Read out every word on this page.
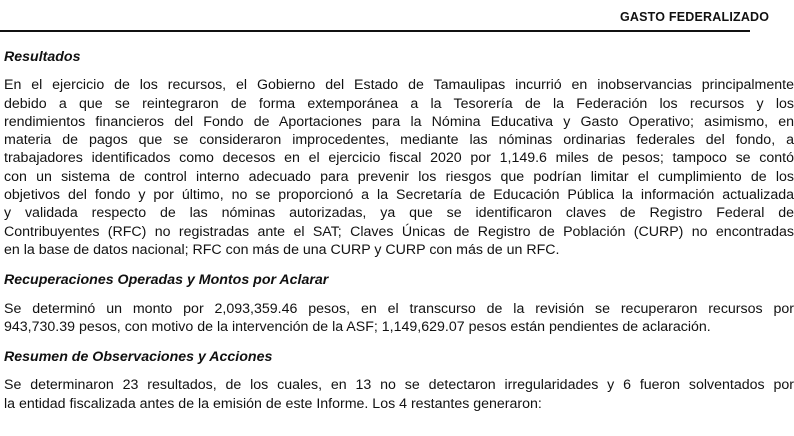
GASTO FEDERALIZADO
Resultados
En el ejercicio de los recursos, el Gobierno del Estado de Tamaulipas incurrió en inobservancias principalmente
debido a que se reintegraron de forma extemporánea a la Tesorería de la Federación los recursos y los
rendimientos financieros del Fondo de Aportaciones para la Nómina Educativa y Gasto Operativo; asimismo, en
materia de pagos que se consideraron improcedentes, mediante las nóminas ordinarias federales del fondo, a
trabajadores identificados como decesos en el ejercicio fiscal 2020 por 1,149.6 miles de pesos; tampoco se contó
con un sistema de control interno adecuado para prevenir los riesgos que podrían limitar el cumplimiento de los
objetivos del fondo y por último, no se proporcionó a la Secretaría de Educación Pública la información actualizada
y validada respecto de las nóminas autorizadas, ya que se identificaron claves de Registro Federal de
Contribuyentes (RFC) no registradas ante el SAT; Claves Únicas de Registro de Población (CURP) no encontradas
en la base de datos nacional; RFC con más de una CURP y CURP con más de un RFC.
Recuperaciones Operadas y Montos por Aclarar
Se determinó un monto por 2,093,359.46 pesos, en el transcurso de la revisión se recuperaron recursos por
943,730.39 pesos, con motivo de la intervención de la ASF; 1,149,629.07 pesos están pendientes de aclaración.
Resumen de Observaciones y Acciones
Se determinaron 23 resultados, de los cuales, en 13 no se detectaron irregularidades y 6 fueron solventados por
la entidad fiscalizada antes de la emisión de este Informe. Los 4 restantes generaron:
